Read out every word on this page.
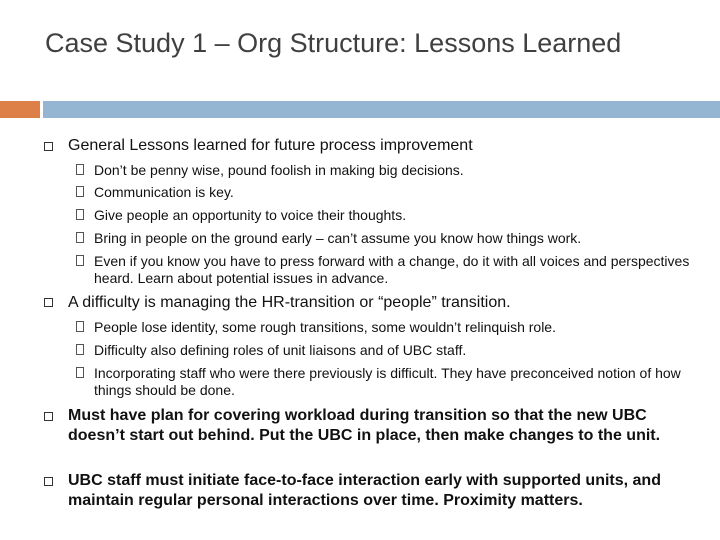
Case Study 1 – Org Structure: Lessons Learned
General Lessons learned for future process improvement
Don’t be penny wise, pound foolish in making big decisions.
Communication is key.
Give people an opportunity to voice their thoughts.
Bring in people on the ground early – can’t assume you know how things work.
Even if you know you have to press forward with a change, do it with all voices and perspectives heard. Learn about potential issues in advance.
A difficulty is managing the HR-transition or “people” transition.
People lose identity, some rough transitions, some wouldn’t relinquish role.
Difficulty also defining roles of unit liaisons and of UBC staff.
Incorporating staff who were there previously is difficult. They have preconceived notion of how things should be done.
Must have plan for covering workload during transition so that the new UBC doesn’t start out behind. Put the UBC in place, then make changes to the unit.
UBC staff must initiate face-to-face interaction early with supported units, and maintain regular personal interactions over time. Proximity matters.
